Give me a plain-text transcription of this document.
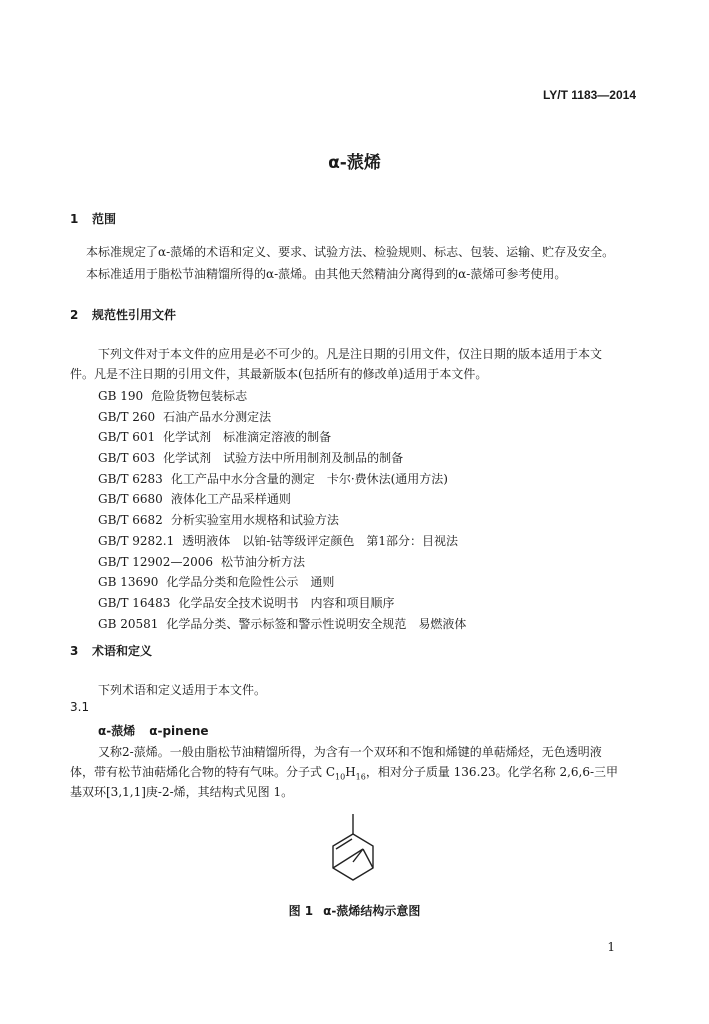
LY/T 1183—2014
α-蒎烯
1 范围
本标准规定了α-蒎烯的术语和定义、要求、试验方法、检验规则、标志、包装、运输、贮存及安全。
本标准适用于脂松节油精馏所得的α-蒎烯。由其他天然精油分离得到的α-蒎烯可参考使用。
2 规范性引用文件
下列文件对于本文件的应用是必不可少的。凡是注日期的引用文件，仅注日期的版本适用于本文
件。凡是不注日期的引用文件，其最新版本(包括所有的修改单)适用于本文件。
GB 190 危险货物包装标志
GB/T 260 石油产品水分测定法
GB/T 601 化学试剂　标准滴定溶液的制备
GB/T 603 化学试剂　试验方法中所用制剂及制品的制备
GB/T 6283 化工产品中水分含量的测定　卡尔·费休法(通用方法)
GB/T 6680 液体化工产品采样通则
GB/T 6682 分析实验室用水规格和试验方法
GB/T 9282.1 透明液体　以铂-钴等级评定颜色　第1部分：目视法
GB/T 12902—2006 松节油分析方法
GB 13690 化学品分类和危险性公示　通则
GB/T 16483 化学品安全技术说明书　内容和项目顺序
GB 20581 化学品分类、警示标签和警示性说明安全规范　易燃液体
3 术语和定义
下列术语和定义适用于本文件。
3.1
α-蒎烯 α-pinene
又称2-蒎烯。一般由脂松节油精馏所得，为含有一个双环和不饱和烯键的单萜烯烃，无色透明液
体，带有松节油萜烯化合物的特有气味。分子式 $C_{10}H_{16}$，相对分子质量 136.23。化学名称 2,6,6-三甲
基双环[3,1,1]庚-2-烯，其结构式见图 1。
图 1 α-蒎烯结构示意图
1
